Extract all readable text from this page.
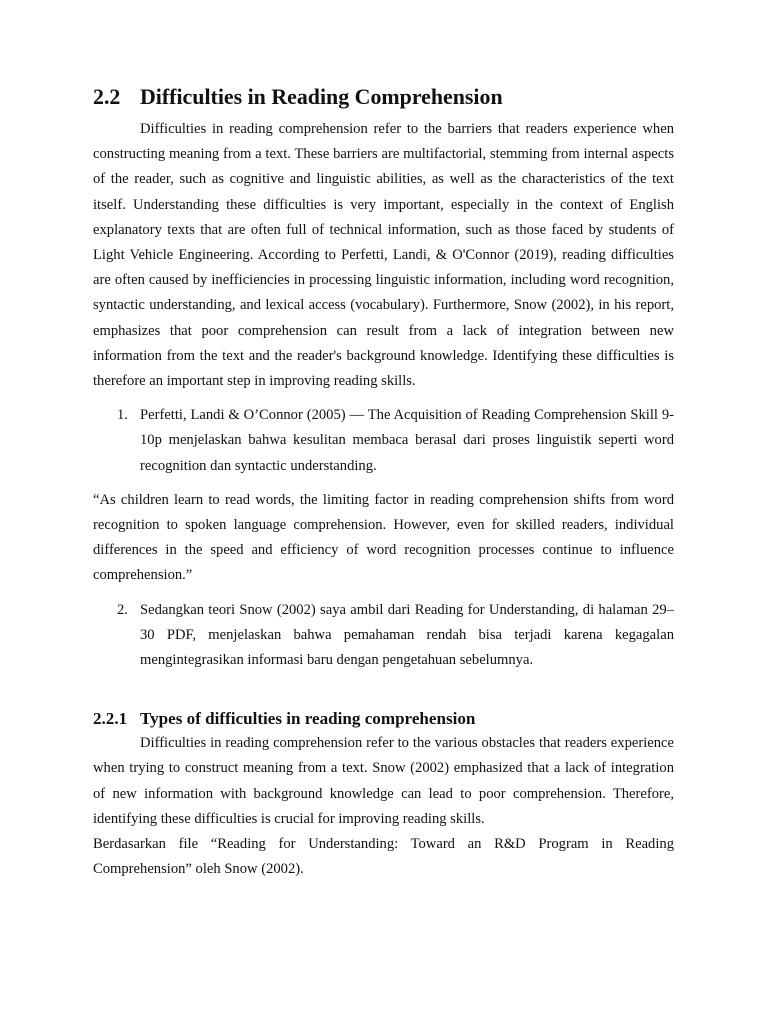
2.2 Difficulties in Reading Comprehension

Difficulties in reading comprehension refer to the barriers that readers experience when constructing meaning from a text. These barriers are multifactorial, stemming from internal aspects of the reader, such as cognitive and linguistic abilities, as well as the characteristics of the text itself. Understanding these difficulties is very important, especially in the context of English explanatory texts that are often full of technical information, such as those faced by students of Light Vehicle Engineering. According to Perfetti, Landi, & O'Connor (2019), reading difficulties are often caused by inefficiencies in processing linguistic information, including word recognition, syntactic understanding, and lexical access (vocabulary). Furthermore, Snow (2002), in his report, emphasizes that poor comprehension can result from a lack of integration between new information from the text and the reader's background knowledge. Identifying these difficulties is therefore an important step in improving reading skills.

1. Perfetti, Landi & O’Connor (2005) — The Acquisition of Reading Comprehension Skill 9-10p menjelaskan bahwa kesulitan membaca berasal dari proses linguistik seperti word recognition dan syntactic understanding.

“As children learn to read words, the limiting factor in reading comprehension shifts from word recognition to spoken language comprehension. However, even for skilled readers, individual differences in the speed and efficiency of word recognition processes continue to influence comprehension.”

2. Sedangkan teori Snow (2002) saya ambil dari Reading for Understanding, di halaman 29–30 PDF, menjelaskan bahwa pemahaman rendah bisa terjadi karena kegagalan mengintegrasikan informasi baru dengan pengetahuan sebelumnya.
2.2.1 Types of difficulties in reading comprehension

Difficulties in reading comprehension refer to the various obstacles that readers experience when trying to construct meaning from a text. Snow (2002) emphasized that a lack of integration of new information with background knowledge can lead to poor comprehension. Therefore, identifying these difficulties is crucial for improving reading skills.

Berdasarkan file “Reading for Understanding: Toward an R&D Program in Reading Comprehension” oleh Snow (2002).
